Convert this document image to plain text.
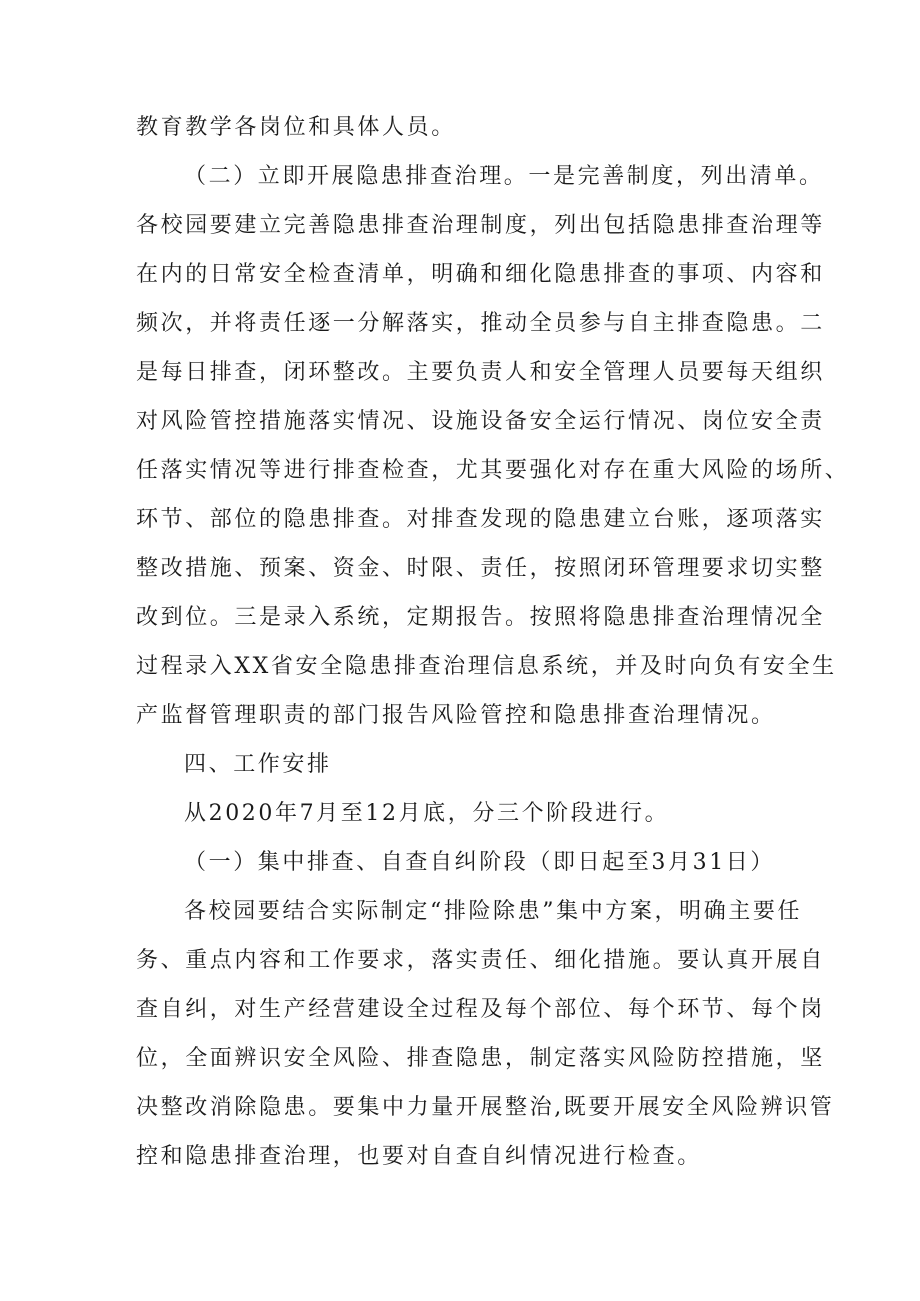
教育教学各岗位和具体人员。
（二）立即开展隐患排查治理。一是完善制度，列出清单。
各校园要建立完善隐患排查治理制度，列出包括隐患排查治理等
在内的日常安全检查清单，明确和细化隐患排查的事项、内容和
频次，并将责任逐一分解落实，推动全员参与自主排查隐患。二
是每日排查，闭环整改。主要负责人和安全管理人员要每天组织
对风险管控措施落实情况、设施设备安全运行情况、岗位安全责
任落实情况等进行排查检查，尤其要强化对存在重大风险的场所、
环节、部位的隐患排查。对排查发现的隐患建立台账，逐项落实
整改措施、预案、资金、时限、责任，按照闭环管理要求切实整
改到位。三是录入系统，定期报告。按照将隐患排查治理情况全
过程录入XX省安全隐患排查治理信息系统，并及时向负有安全生
产监督管理职责的部门报告风险管控和隐患排查治理情况。
四、工作安排
从2020年7月至12月底，分三个阶段进行。
（一）集中排查、自查自纠阶段（即日起至3月31日）
各校园要结合实际制定“排险除患”集中方案，明确主要任
务、重点内容和工作要求，落实责任、细化措施。要认真开展自
查自纠，对生产经营建设全过程及每个部位、每个环节、每个岗
位，全面辨识安全风险、排查隐患，制定落实风险防控措施，坚
决整改消除隐患。要集中力量开展整治,既要开展安全风险辨识管
控和隐患排查治理，也要对自查自纠情况进行检查。
